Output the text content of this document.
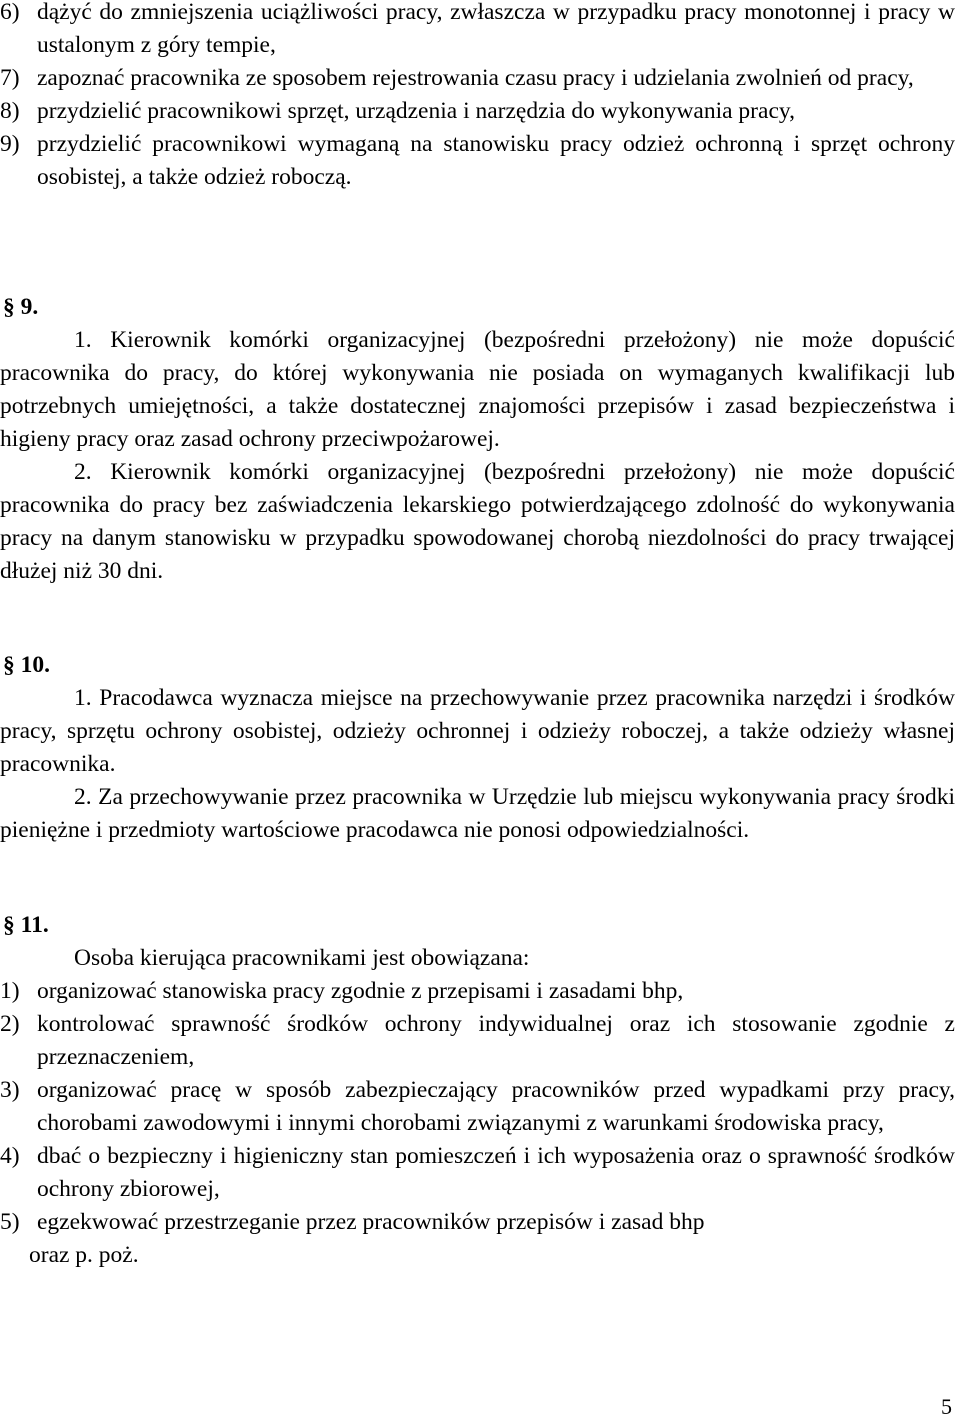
6) dążyć do zmniejszenia uciążliwości pracy, zwłaszcza w przypadku pracy monotonnej i pracy w ustalonym z góry tempie,
7) zapoznać pracownika ze sposobem rejestrowania czasu pracy i udzielania zwolnień od pracy,
8) przydzielić pracownikowi sprzęt, urządzenia i narzędzia do wykonywania pracy,
9) przydzielić pracownikowi wymaganą na stanowisku pracy odzież ochronną i sprzęt ochrony osobistej, a także odzież roboczą.

§ 9.

1. Kierownik komórki organizacyjnej (bezpośredni przełożony) nie może dopuścić pracownika do pracy, do której wykonywania nie posiada on wymaganych kwalifikacji lub potrzebnych umiejętności, a także dostatecznej znajomości przepisów i zasad bezpieczeństwa i higieny pracy oraz zasad ochrony przeciwpożarowej.

2. Kierownik komórki organizacyjnej (bezpośredni przełożony) nie może dopuścić pracownika do pracy bez zaświadczenia lekarskiego potwierdzającego zdolność do wykonywania pracy na danym stanowisku w przypadku spowodowanej chorobą niezdolności do pracy trwającej dłużej niż 30 dni.

§ 10.

1. Pracodawca wyznacza miejsce na przechowywanie przez pracownika narzędzi i środków pracy, sprzętu ochrony osobistej, odzieży ochronnej i odzieży roboczej, a także odzieży własnej pracownika.

2. Za przechowywanie przez pracownika w Urzędzie lub miejscu wykonywania pracy środki pieniężne i przedmioty wartościowe pracodawca nie ponosi odpowiedzialności.

§ 11.

Osoba kierująca pracownikami jest obowiązana:

1) organizować stanowiska pracy zgodnie z przepisami i zasadami bhp,
2) kontrolować sprawność środków ochrony indywidualnej oraz ich stosowanie zgodnie z przeznaczeniem,
3) organizować pracę w sposób zabezpieczający pracowników przed wypadkami przy pracy, chorobami zawodowymi i innymi chorobami związanymi z warunkami środowiska pracy,
4) dbać o bezpieczny i higieniczny stan pomieszczeń i ich wyposażenia oraz o sprawność środków ochrony zbiorowej,
5) egzekwować przestrzeganie przez pracowników przepisów i zasad bhp

oraz p. poż.

5
